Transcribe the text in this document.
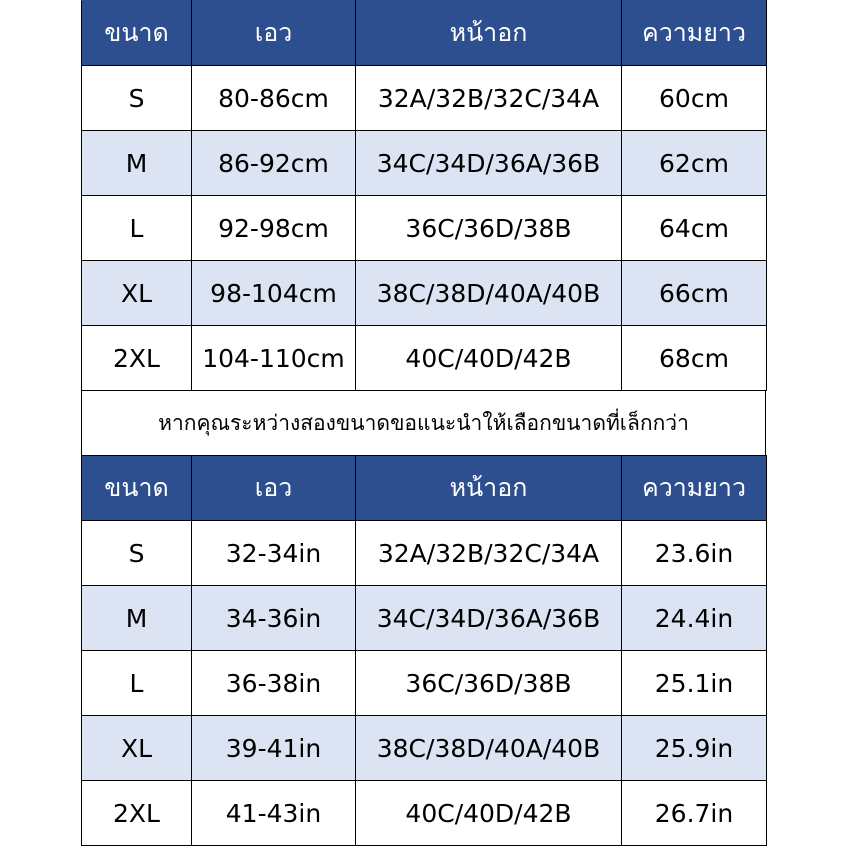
ขนาด	เอว	หน้าอก	ความยาว
S	80-86cm	32A/32B/32C/34A	60cm
M	86-92cm	34C/34D/36A/36B	62cm
L	92-98cm	36C/36D/38B	64cm
XL	98-104cm	38C/38D/40A/40B	66cm
2XL	104-110cm	40C/40D/42B	68cm
หากคุณระหว่างสองขนาดขอแนะนำให้เลือกขนาดที่เล็กกว่า
ขนาด	เอว	หน้าอก	ความยาว
S	32-34in	32A/32B/32C/34A	23.6in
M	34-36in	34C/34D/36A/36B	24.4in
L	36-38in	36C/36D/38B	25.1in
XL	39-41in	38C/38D/40A/40B	25.9in
2XL	41-43in	40C/40D/42B	26.7in
